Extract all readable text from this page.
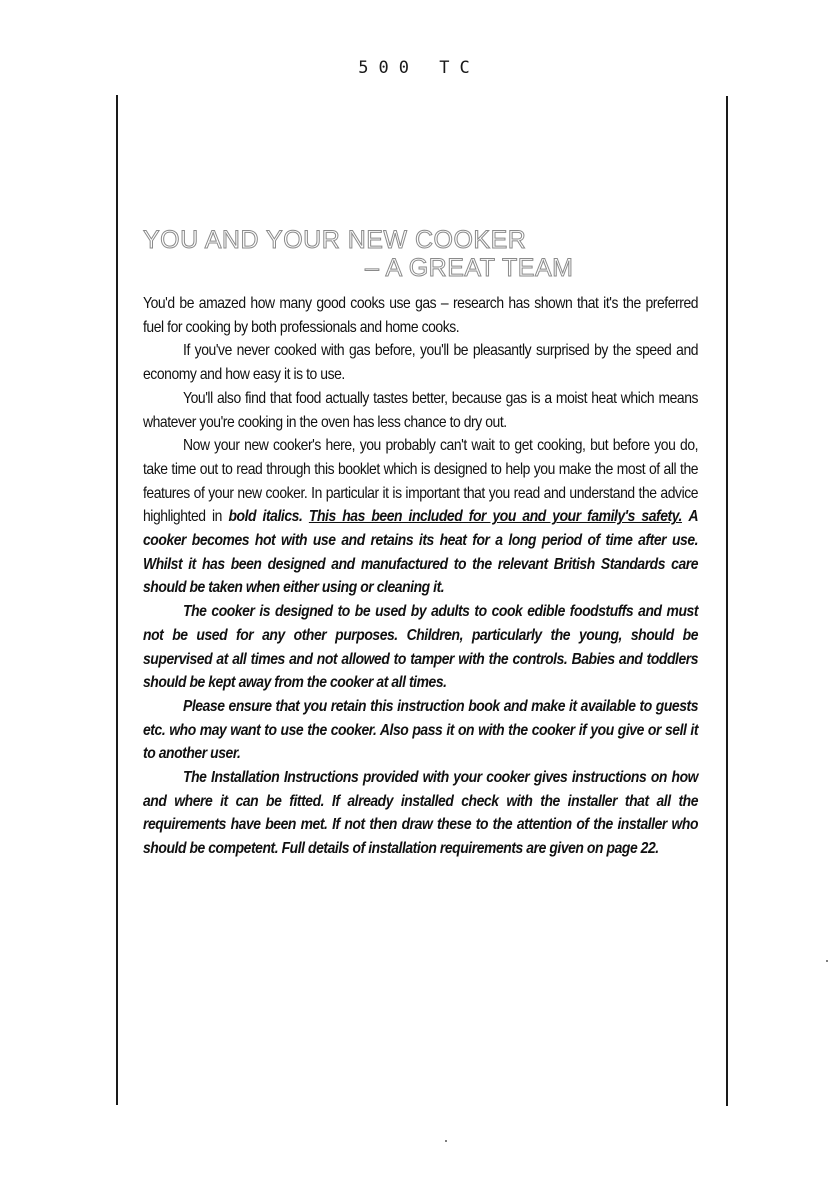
500 TC
YOU AND YOUR NEW COOKER
– A GREAT TEAM

You'd be amazed how many good cooks use gas – research has shown that it's the preferred fuel for cooking by both professionals and home cooks.

If you've never cooked with gas before, you'll be pleasantly surprised by the speed and economy and how easy it is to use.

You'll also find that food actually tastes better, because gas is a moist heat which means whatever you're cooking in the oven has less chance to dry out.

Now your new cooker's here, you probably can't wait to get cooking, but before you do, take time out to read through this booklet which is designed to help you make the most of all the features of your new cooker. In particular it is important that you read and understand the advice highlighted in bold italics. This has been included for you and your family's safety. A cooker becomes hot with use and retains its heat for a long period of time after use. Whilst it has been designed and manufactured to the relevant British Standards care should be taken when either using or cleaning it.

The cooker is designed to be used by adults to cook edible foodstuffs and must not be used for any other purposes. Children, particularly the young, should be supervised at all times and not allowed to tamper with the controls. Babies and toddlers should be kept away from the cooker at all times.

Please ensure that you retain this instruction book and make it available to guests etc. who may want to use the cooker. Also pass it on with the cooker if you give or sell it to another user.

The Installation Instructions provided with your cooker gives instructions on how and where it can be fitted. If already installed check with the installer that all the requirements have been met. If not then draw these to the attention of the installer who should be competent. Full details of installation requirements are given on page 22.
